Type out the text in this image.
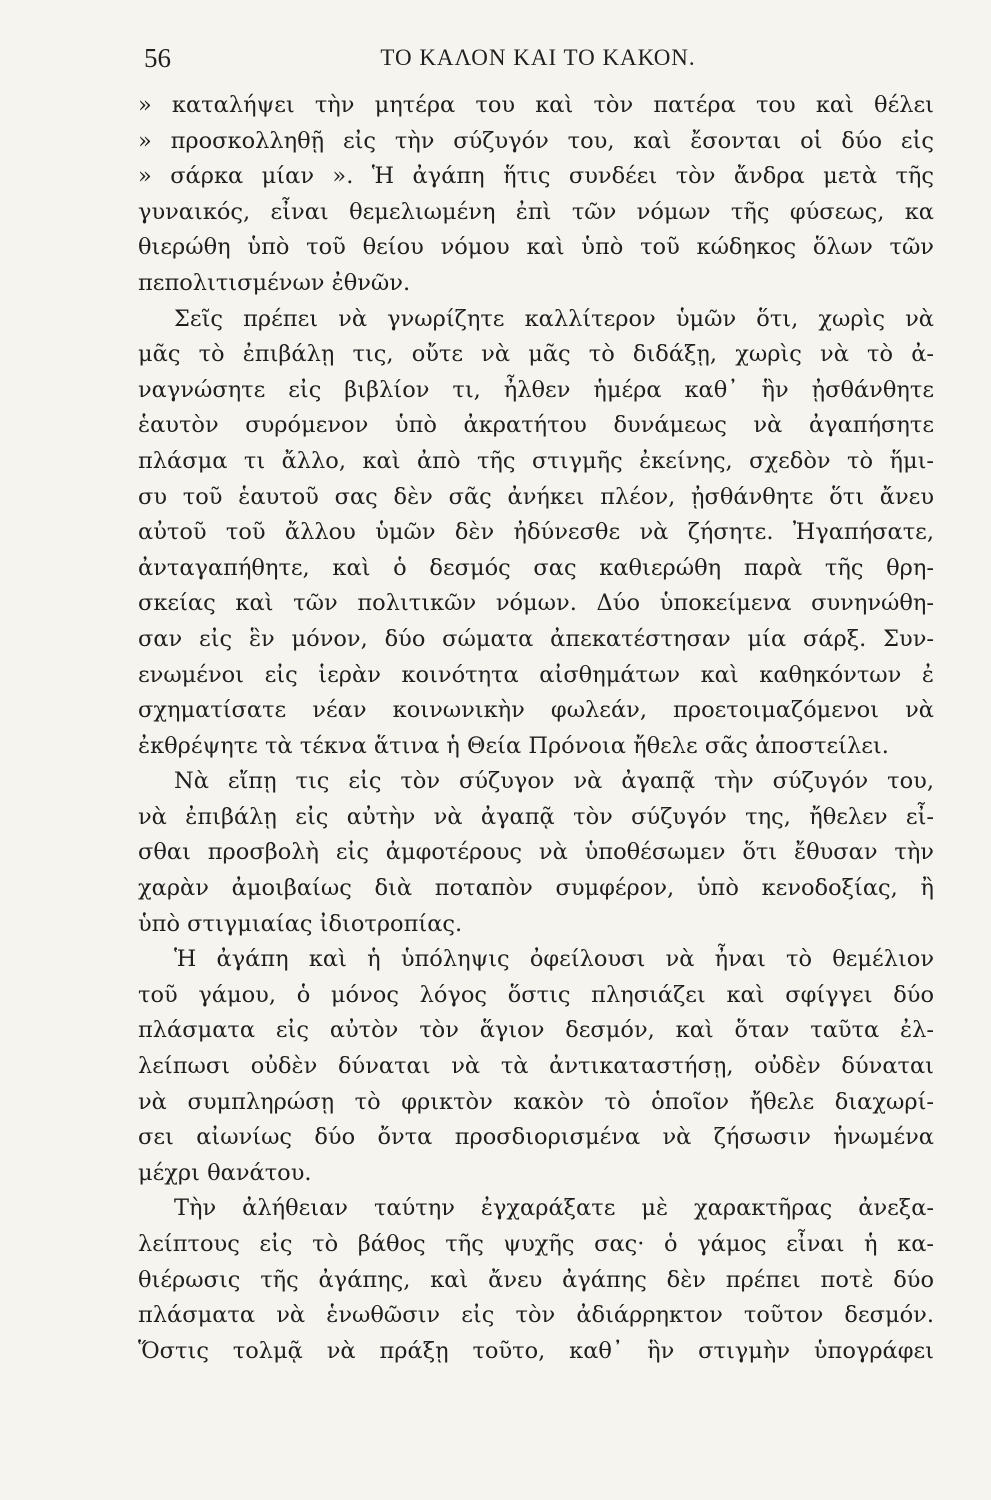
56	ΤΟ ΚΑΛΟΝ ΚΑΙ ΤΟ ΚΑΚΟΝ.
» καταλήψει τὴν μητέρα του καὶ τὸν πατέρα του καὶ θέλει
» προσκολληθῇ εἰς τὴν σύζυγόν του, καὶ ἔσονται οἱ δύο εἰς
» σάρκα μίαν ». Ἡ ἀγάπη ἥτις συνδέει τὸν ἄνδρα μετὰ τῆς
γυναικός, εἶναι θεμελιωμένη ἐπὶ τῶν νόμων τῆς φύσεως, κα
θιερώθη ὑπὸ τοῦ θείου νόμου καὶ ὑπὸ τοῦ κώδηκος ὅλων τῶν
πεπολιτισμένων ἐθνῶν.
Σεῖς πρέπει νὰ γνωρίζητε καλλίτερον ὑμῶν ὅτι, χωρὶς νὰ
μᾶς τὸ ἐπιβάλῃ τις, οὔτε νὰ μᾶς τὸ διδάξῃ, χωρὶς νὰ τὸ ἀ-
ναγνώσητε εἰς βιβλίον τι, ἦλθεν ἡμέρα καθ᾽ ἣν ᾐσθάνθητε
ἑαυτὸν συρόμενον ὑπὸ ἀκρατήτου δυνάμεως νὰ ἀγαπήσητε
πλάσμα τι ἄλλο, καὶ ἀπὸ τῆς στιγμῆς ἐκείνης, σχεδὸν τὸ ἥμι-
συ τοῦ ἑαυτοῦ σας δὲν σᾶς ἀνήκει πλέον, ᾐσθάνθητε ὅτι ἄνευ
αὐτοῦ τοῦ ἄλλου ὑμῶν δὲν ἠδύνεσθε νὰ ζήσητε. Ἠγαπήσατε,
ἀνταγαπήθητε, καὶ ὁ δεσμός σας καθιερώθη παρὰ τῆς θρη-
σκείας καὶ τῶν πολιτικῶν νόμων. Δύο ὑποκείμενα συνηνώθη-
σαν εἰς ἓν μόνον, δύο σώματα ἀπεκατέστησαν μία σάρξ. Συν-
ενωμένοι εἰς ἱερὰν κοινότητα αἰσθημάτων καὶ καθηκόντων ἐ
σχηματίσατε νέαν κοινωνικὴν φωλεάν, προετοιμαζόμενοι νὰ
ἐκθρέψητε τὰ τέκνα ἅτινα ἡ Θεία Πρόνοια ἤθελε σᾶς ἀποστείλει.
Νὰ εἴπῃ τις εἰς τὸν σύζυγον νὰ ἀγαπᾷ τὴν σύζυγόν του,
νὰ ἐπιβάλῃ εἰς αὐτὴν νὰ ἀγαπᾷ τὸν σύζυγόν της, ἤθελεν εἶ-
σθαι προσβολὴ εἰς ἀμφοτέρους νὰ ὑποθέσωμεν ὅτι ἔθυσαν τὴν
χαρὰν ἀμοιβαίως διὰ ποταπὸν συμφέρον, ὑπὸ κενοδοξίας, ἢ
ὑπὸ στιγμιαίας ἰδιοτροπίας.
Ἡ ἀγάπη καὶ ἡ ὑπόληψις ὀφείλουσι νὰ ἦναι τὸ θεμέλιον
τοῦ γάμου, ὁ μόνος λόγος ὅστις πλησιάζει καὶ σφίγγει δύο
πλάσματα εἰς αὐτὸν τὸν ἅγιον δεσμόν, καὶ ὅταν ταῦτα ἐλ-
λείπωσι οὐδὲν δύναται νὰ τὰ ἀντικαταστήσῃ, οὐδὲν δύναται
νὰ συμπληρώσῃ τὸ φρικτὸν κακὸν τὸ ὁποῖον ἤθελε διαχωρί-
σει αἰωνίως δύο ὄντα προσδιορισμένα νὰ ζήσωσιν ἡνωμένα
μέχρι θανάτου.
Τὴν ἀλήθειαν ταύτην ἐγχαράξατε μὲ χαρακτῆρας ἀνεξα-
λείπτους εἰς τὸ βάθος τῆς ψυχῆς σας· ὁ γάμος εἶναι ἡ κα-
θιέρωσις τῆς ἀγάπης, καὶ ἄνευ ἀγάπης δὲν πρέπει ποτὲ δύο
πλάσματα νὰ ἑνωθῶσιν εἰς τὸν ἀδιάρρηκτον τοῦτον δεσμόν.
Ὅστις τολμᾷ νὰ πράξῃ τοῦτο, καθ᾽ ἣν στιγμὴν ὑπογράφει
